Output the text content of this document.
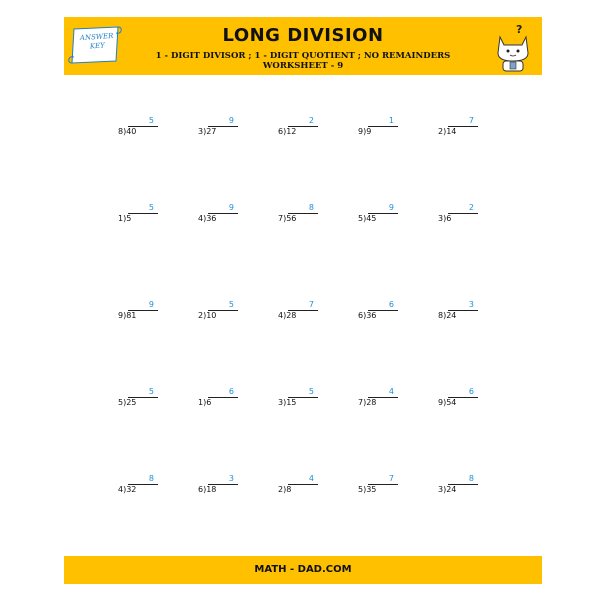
ANSWER
KEY	LONG DIVISION
1 - DIGIT DIVISOR ; 1 - DIGIT QUOTIENT ; NO REMAINDERS
WORKSHEET - 9
?
5
8)40
9
3)27
2
6)12
1
9)9
7
2)14
5
1)5
9
4)36
8
7)56
9
5)45
2
3)6
9
9)81
5
2)10
7
4)28
6
6)36
3
8)24
5
5)25
6
1)6
5
3)15
4
7)28
6
9)54
8
4)32
3
6)18
4
2)8
7
5)35
8
3)24
MATH - DAD.COM
